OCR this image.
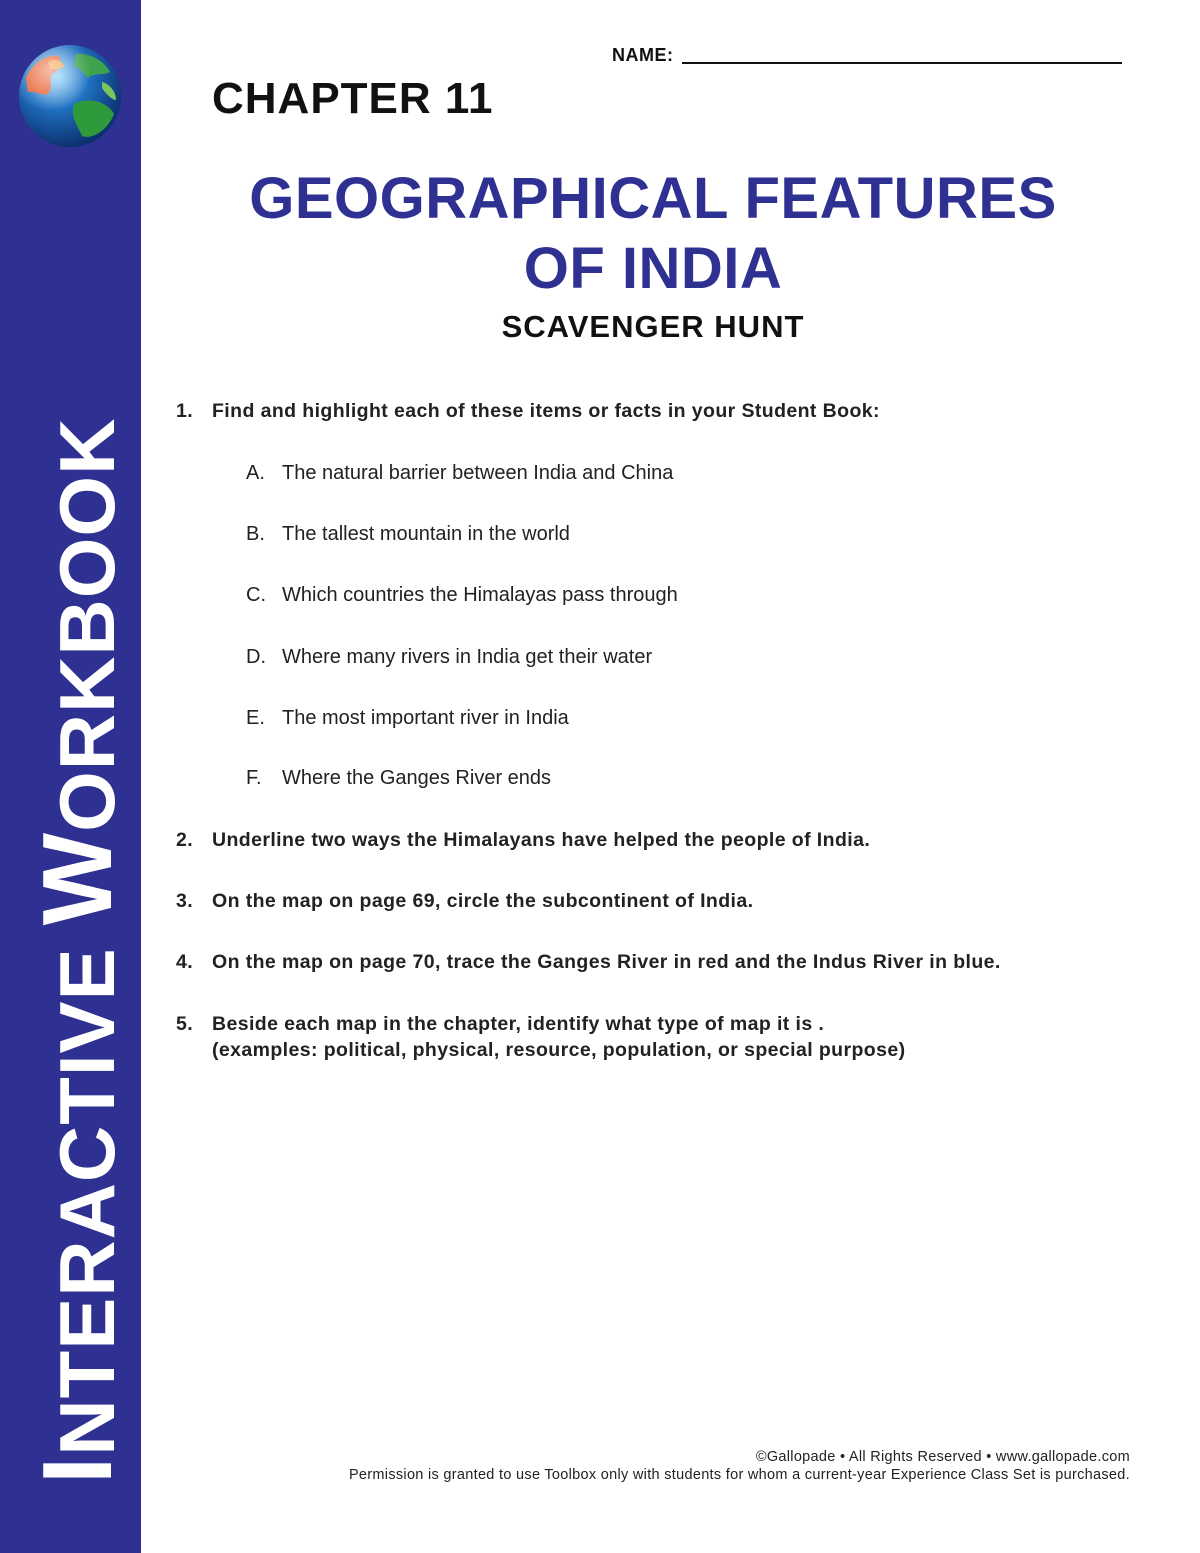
I
NTERACTIVE
W
ORKBOOK
NAME:
CHAPTER 11
GEOGRAPHICAL FEATURES
OF INDIA
SCAVENGER HUNT
1. Find and highlight each of these items or facts in your Student Book:
A. The natural barrier between India and China
B. The tallest mountain in the world
C. Which countries the Himalayas pass through
D. Where many rivers in India get their water
E. The most important river in India
F. Where the Ganges River ends
2. Underline two ways the Himalayans have helped the people of India.
3. On the map on page 69, circle the subcontinent of India.
4. On the map on page 70, trace the Ganges River in red and the Indus River in blue.
5. Beside each map in the chapter, identify what type of map it is .
(examples: political, physical, resource, population, or special purpose)
©Gallopade • All Rights Reserved • www.gallopade.com
Permission is granted to use Toolbox only with students for whom a current-year Experience Class Set is purchased.
